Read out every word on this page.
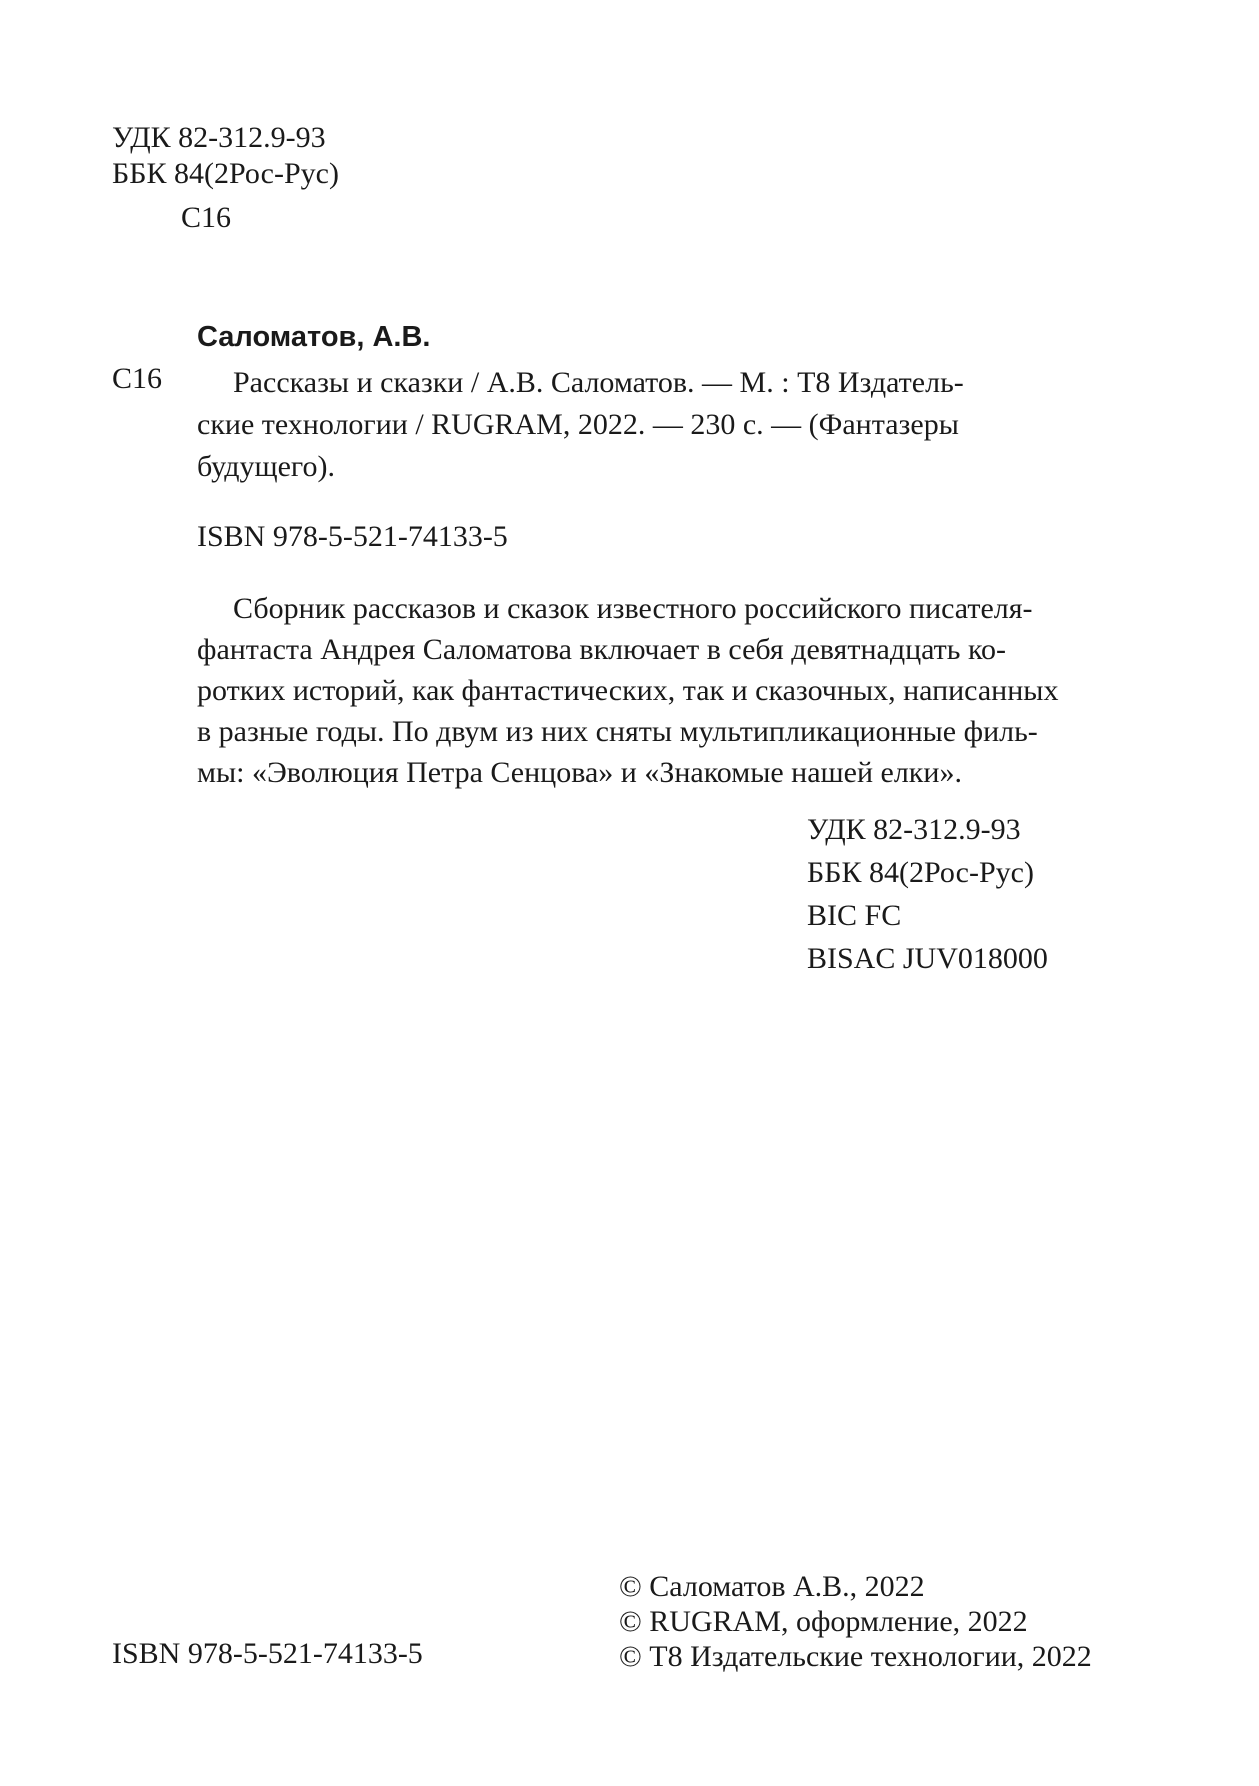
УДК 82-312.9-93
ББК 84(2Рос-Рус)
С16
Саломатов, А.В.
С16	Рассказы и сказки / А.В. Саломатов. — М. : Т8 Издатель-
ские технологии / RUGRAM, 2022. — 230 с. — (Фантазеры
будущего).
ISBN 978-5-521-74133-5
Сборник рассказов и сказок известного российского писателя-
фантаста Андрея Саломатова включает в себя девятнадцать ко-
ротких историй, как фантастических, так и сказочных, написанных
в разные годы. По двум из них сняты мультипликационные филь-
мы: «Эволюция Петра Сенцова» и «Знакомые нашей елки».
УДК 82-312.9-93
ББК 84(2Рос-Рус)
BIC FC
BISAC JUV018000
ISBN 978-5-521-74133-5
© Саломатов А.В., 2022
© RUGRAM, оформление, 2022
© Т8 Издательские технологии, 2022
